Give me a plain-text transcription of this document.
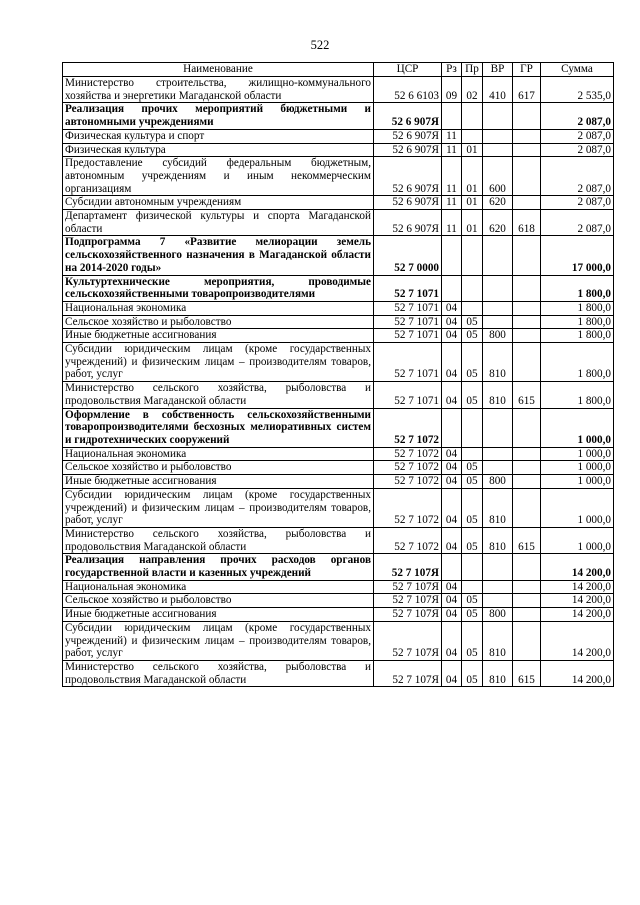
522
Наименование	ЦСР	Рз	Пр	ВР	ГР	Сумма
Министерство строительства, жилищно-коммунального хозяйства и энергетики Магаданской области	52 6 6103	09	02	410	617	2 535,0
Реализация прочих мероприятий бюджетными и автономными учреждениями	52 6 907Я					2 087,0
Физическая культура и спорт	52 6 907Я	11				2 087,0
Физическая культура	52 6 907Я	11	01			2 087,0
Предоставление субсидий федеральным бюджетным, автономным учреждениям и иным некоммерческим организациям	52 6 907Я	11	01	600		2 087,0
Субсидии автономным учреждениям	52 6 907Я	11	01	620		2 087,0
Департамент физической культуры и спорта Магаданской области	52 6 907Я	11	01	620	618	2 087,0
Подпрограмма 7 «Развитие мелиорации земель сельскохозяйственного назначения в Магаданской области на 2014-2020 годы»	52 7 0000					17 000,0
Культуртехнические мероприятия, проводимые сельскохозяйственными товаропроизводителями	52 7 1071					1 800,0
Национальная экономика	52 7 1071	04				1 800,0
Сельское хозяйство и рыболовство	52 7 1071	04	05			1 800,0
Иные бюджетные ассигнования	52 7 1071	04	05	800		1 800,0
Субсидии юридическим лицам (кроме государственных учреждений) и физическим лицам – производителям товаров, работ, услуг	52 7 1071	04	05	810		1 800,0
Министерство сельского хозяйства, рыболовства и продовольствия Магаданской области	52 7 1071	04	05	810	615	1 800,0
Оформление в собственность сельскохозяйственными товаропроизводителями бесхозных мелиоративных систем и гидротехнических сооружений	52 7 1072					1 000,0
Национальная экономика	52 7 1072	04				1 000,0
Сельское хозяйство и рыболовство	52 7 1072	04	05			1 000,0
Иные бюджетные ассигнования	52 7 1072	04	05	800		1 000,0
Субсидии юридическим лицам (кроме государственных учреждений) и физическим лицам – производителям товаров, работ, услуг	52 7 1072	04	05	810		1 000,0
Министерство сельского хозяйства, рыболовства и продовольствия Магаданской области	52 7 1072	04	05	810	615	1 000,0
Реализация направления прочих расходов органов государственной власти и казенных учреждений	52 7 107Я					14 200,0
Национальная экономика	52 7 107Я	04				14 200,0
Сельское хозяйство и рыболовство	52 7 107Я	04	05			14 200,0
Иные бюджетные ассигнования	52 7 107Я	04	05	800		14 200,0
Субсидии юридическим лицам (кроме государственных учреждений) и физическим лицам – производителям товаров, работ, услуг	52 7 107Я	04	05	810		14 200,0
Министерство сельского хозяйства, рыболовства и продовольствия Магаданской области	52 7 107Я	04	05	810	615	14 200,0
